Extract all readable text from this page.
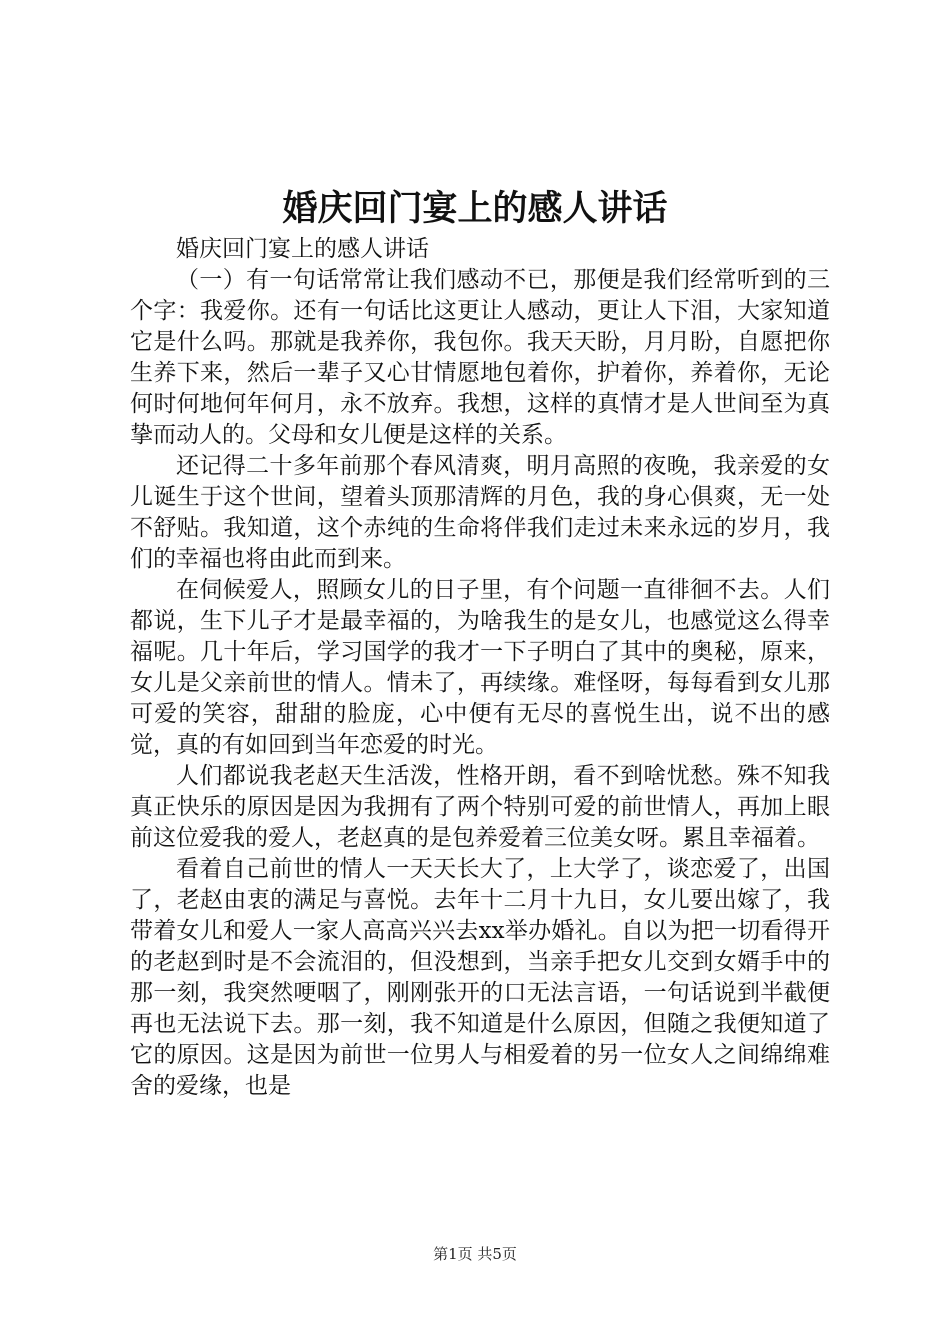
婚庆回门宴上的感人讲话

婚庆回门宴上的感人讲话

（一）有一句话常常让我们感动不已，那便是我们经常听到的三个字：我爱你。还有一句话比这更让人感动，更让人下泪，大家知道它是什么吗。那就是我养你，我包你。我天天盼，月月盼，自愿把你生养下来，然后一辈子又心甘情愿地包着你，护着你，养着你，无论何时何地何年何月，永不放弃。我想，这样的真情才是人世间至为真挚而动人的。父母和女儿便是这样的关系。

还记得二十多年前那个春风清爽，明月高照的夜晚，我亲爱的女儿诞生于这个世间，望着头顶那清辉的月色，我的身心俱爽，无一处不舒贴。我知道，这个赤纯的生命将伴我们走过未来永远的岁月，我们的幸福也将由此而到来。

在伺候爱人，照顾女儿的日子里，有个问题一直徘徊不去。人们都说，生下儿子才是最幸福的，为啥我生的是女儿，也感觉这么得幸福呢。几十年后，学习国学的我才一下子明白了其中的奥秘，原来，女儿是父亲前世的情人。情未了，再续缘。难怪呀，每每看到女儿那可爱的笑容，甜甜的脸庞，心中便有无尽的喜悦生出，说不出的感觉，真的有如回到当年恋爱的时光。

人们都说我老赵天生活泼，性格开朗，看不到啥忧愁。殊不知我真正快乐的原因是因为我拥有了两个特别可爱的前世情人，再加上眼前这位爱我的爱人，老赵真的是包养爱着三位美女呀。累且幸福着。

看着自己前世的情人一天天长大了，上大学了，谈恋爱了，出国了，老赵由衷的满足与喜悦。去年十二月十九日，女儿要出嫁了，我带着女儿和爱人一家人高高兴兴去xx举办婚礼。自以为把一切看得开的老赵到时是不会流泪的，但没想到，当亲手把女儿交到女婿手中的那一刻，我突然哽咽了，刚刚张开的口无法言语，一句话说到半截便再也无法说下去。那一刻，我不知道是什么原因，但随之我便知道了它的原因。这是因为前世一位男人与相爱着的另一位女人之间绵绵难舍的爱缘，也是

第1页 共5页
